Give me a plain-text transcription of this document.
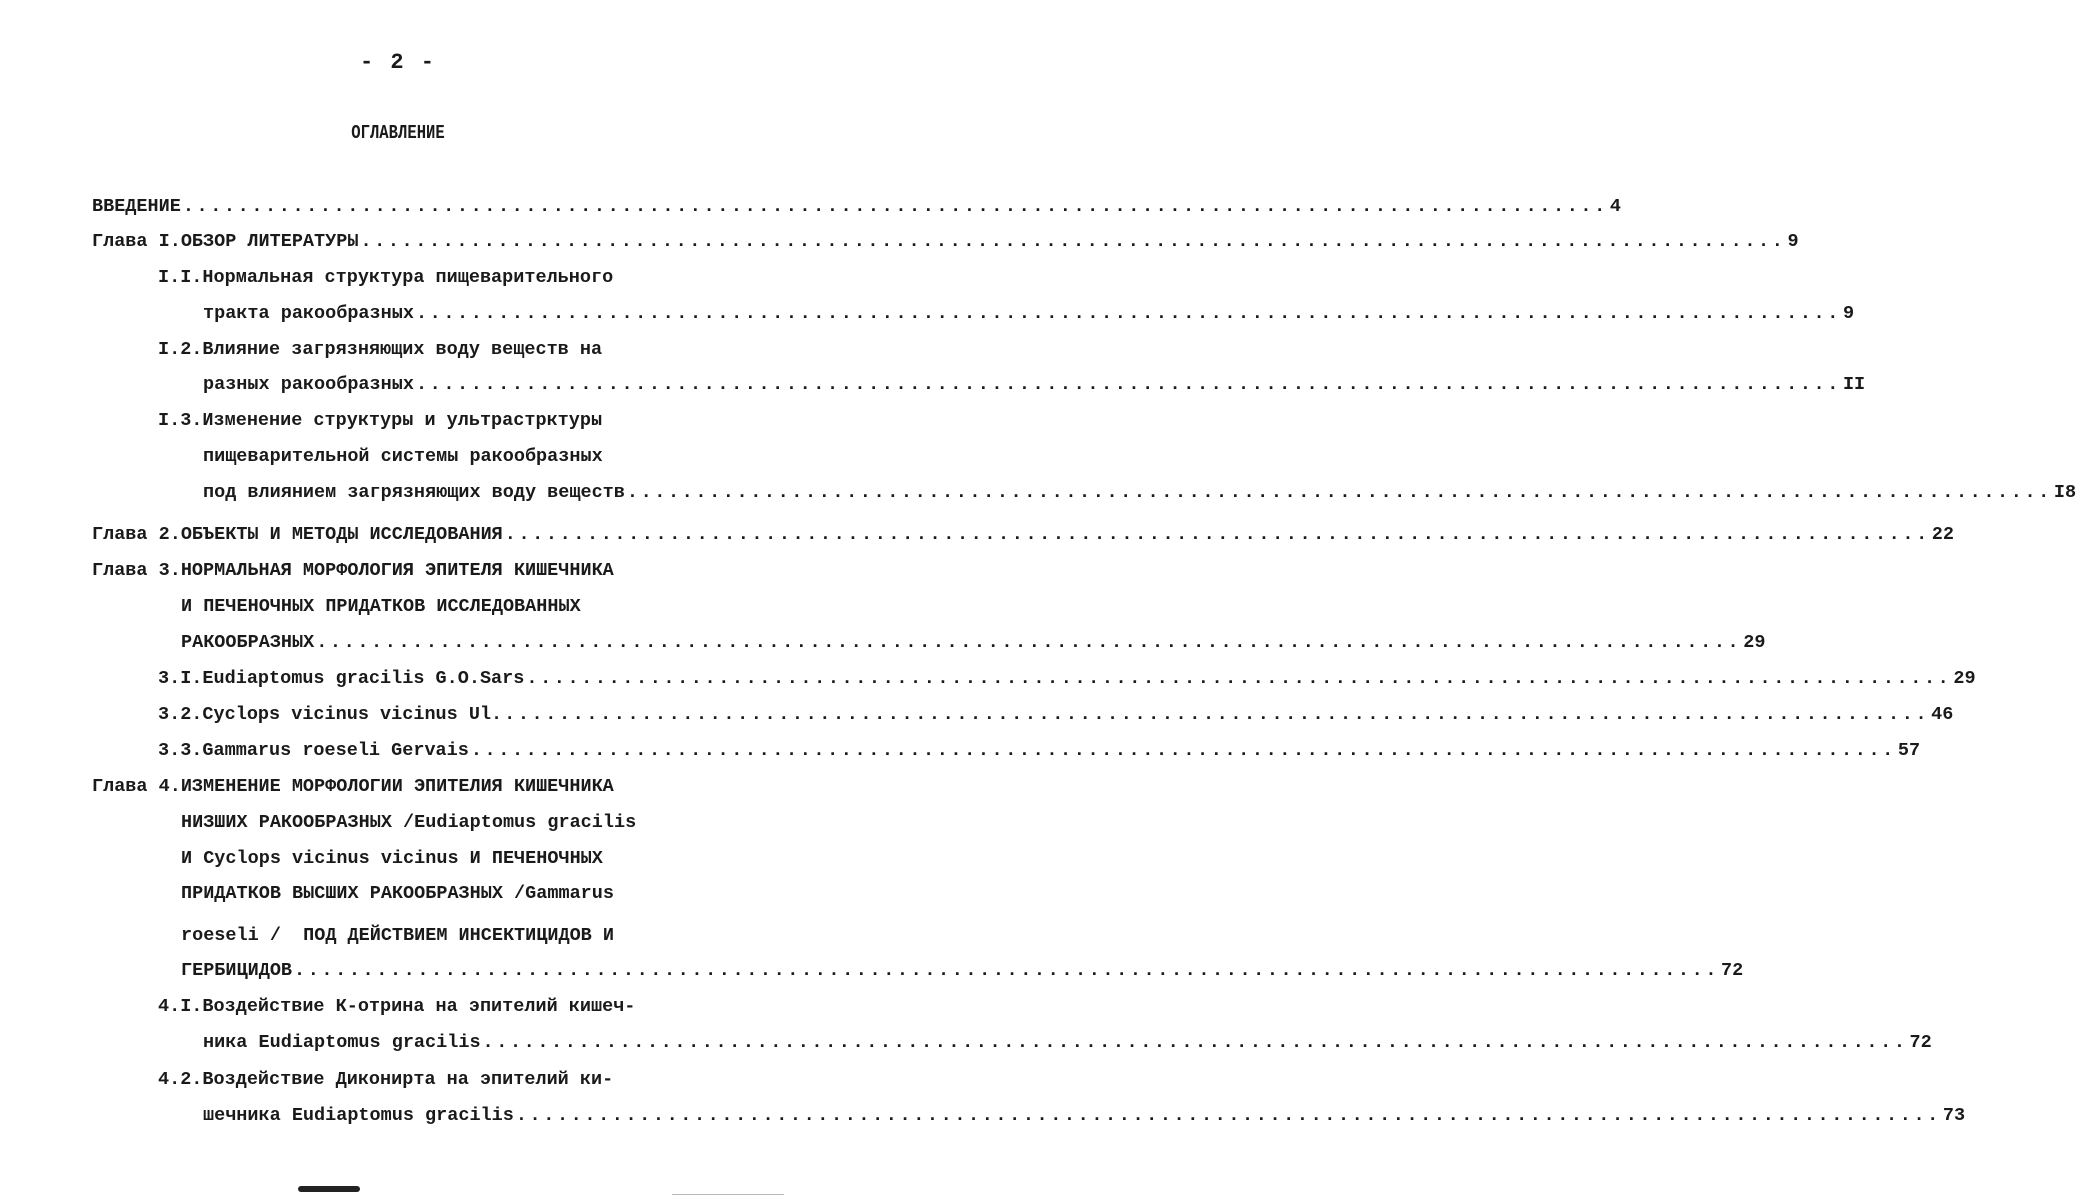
- 2 -
ОГЛАВЛЕНИЕ
ВВЕДЕНИЕ ........................................................................................................ 4
Глава I.ОБЗОР ЛИТЕРАТУРЫ ........................................................................................................ 9
I.I.Нормальная структура пищеварительного
тракта ракообразных ........................................................................................................ 9
I.2.Влияние загрязняющих воду веществ на
разных ракообразных ........................................................................................................ II
I.3.Изменение структуры и ультрастрктуры
пищеварительной системы ракообразных
под влиянием загрязняющих воду веществ ........................................................................................................ I8
Глава 2.ОБЪЕКТЫ И МЕТОДЫ ИССЛЕДОВАНИЯ ........................................................................................................ 22
Глава 3.НОРМАЛЬНАЯ МОРФОЛОГИЯ ЭПИТЕЛЯ КИШЕЧНИКА
И ПЕЧЕНОЧНЫХ ПРИДАТКОВ ИССЛЕДОВАННЫХ
РАКООБРАЗНЫХ ........................................................................................................ 29
3.I.Eudiaptomus gracilis G.O.Sars ........................................................................................................ 29
3.2.Cyclops vicinus vicinus Ul. ........................................................................................................ 46
3.3.Gammarus roeseli Gervais ........................................................................................................ 57
Глава 4.ИЗМЕНЕНИЕ МОРФОЛОГИИ ЭПИТЕЛИЯ КИШЕЧНИКА
НИЗШИХ РАКООБРАЗНЫХ /Eudiaptomus gracilis
И Cyclops vicinus vicinus И ПЕЧЕНОЧНЫХ
ПРИДАТКОВ ВЫСШИХ РАКООБРАЗНЫХ /Gammarus
roeseli /  ПОД ДЕЙСТВИЕМ ИНСЕКТИЦИДОВ И
ГЕРБИЦИДОВ ........................................................................................................ 72
4.I.Воздействие К-отрина на эпителий кишеч-
ника Eudiaptomus gracilis ........................................................................................................ 72
4.2.Воздействие Диконирта на эпителий ки-
шечника Eudiaptomus gracilis ........................................................................................................ 73
